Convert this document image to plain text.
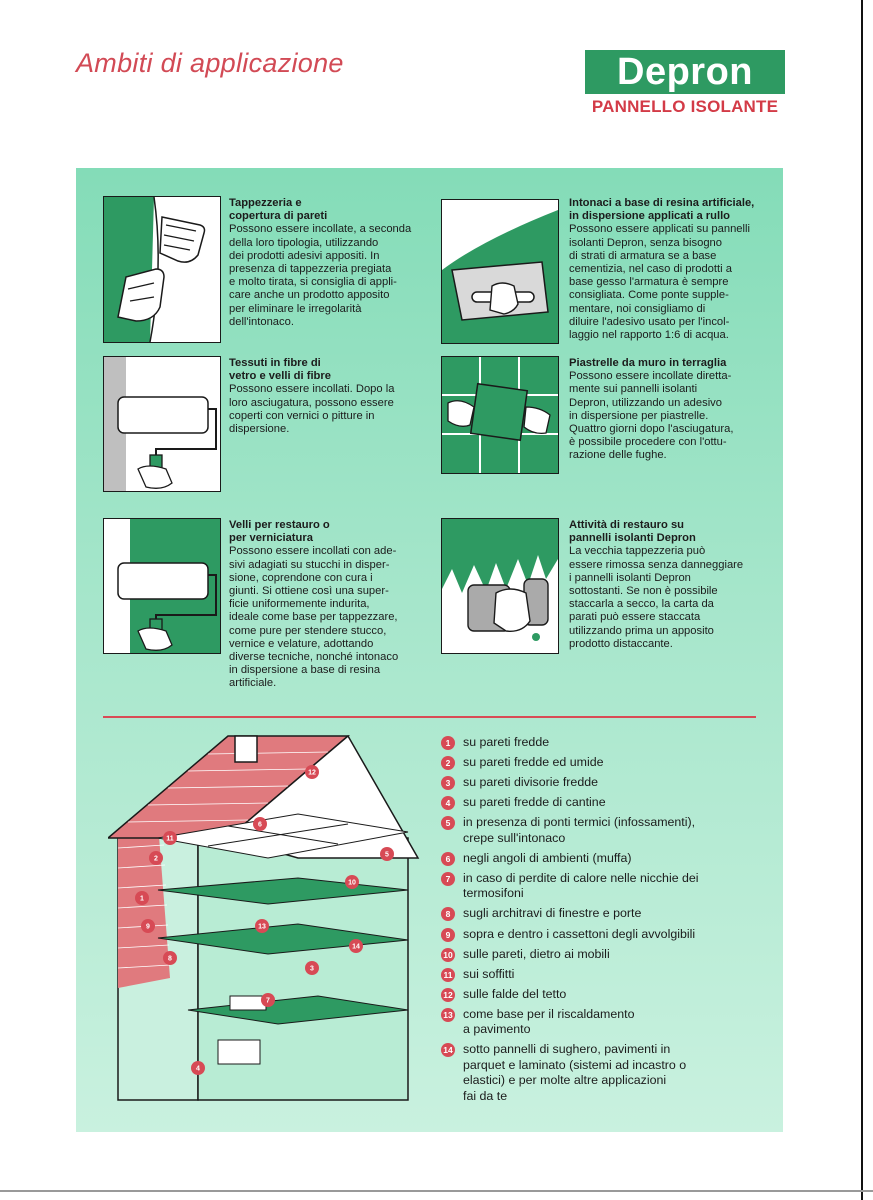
Ambiti di applicazione	Depron
PANNELLO ISOLANTE
Tappezzeria e
copertura di pareti
Possono essere incollate, a seconda
della loro tipologia, utilizzando
dei prodotti adesivi appositi. In
presenza di tappezzeria pregiata
e molto tirata, si consiglia di appli-
care anche un prodotto apposito
per eliminare le irregolarità
dell'intonaco.
Intonaci a base di resina artificiale,
in dispersione applicati a rullo
Possono essere applicati su pannelli
isolanti Depron, senza bisogno
di strati di armatura se a base
cementizia, nel caso di prodotti a
base gesso l'armatura è sempre
consigliata. Come ponte supple-
mentare, noi consigliamo di
diluire l'adesivo usato per l'incol-
laggio nel rapporto 1:6 di acqua.
Tessuti in fibre di
vetro e velli di fibre
Possono essere incollati. Dopo la
loro asciugatura, possono essere
coperti con vernici o pitture in
dispersione.
Piastrelle da muro in terraglia
Possono essere incollate diretta-
mente sui pannelli isolanti
Depron, utilizzando un adesivo
in dispersione per piastrelle.
Quattro giorni dopo l'asciugatura,
è possibile procedere con l'ottu-
razione delle fughe.
Velli per restauro o
per verniciatura
Possono essere incollati con ade-
sivi adagiati su stucchi in disper-
sione, coprendone con cura i
giunti. Si ottiene così una super-
ficie uniformemente indurita,
ideale come base per tappezzare,
come pure per stendere stucco,
vernice e velature, adottando
diverse tecniche, nonché intonaco
in dispersione a base di resina
artificiale.
Attività di restauro su
pannelli isolanti Depron
La vecchia tappezzeria può
essere rimossa senza danneggiare
i pannelli isolanti Depron
sottostanti. Se non è possibile
staccarla a secco, la carta da
parati può essere staccata
utilizzando prima un apposito
prodotto distaccante.
1
2
3
4
5
6
7
8
9
10
11
12
13
14
1	su pareti fredde
2	su pareti fredde ed umide
3	su pareti divisorie fredde
4	su pareti fredde di cantine
5	in presenza di ponti termici (infossamenti),
crepe sull'intonaco
6	negli angoli di ambienti (muffa)
7	in caso di perdite di calore nelle nicchie dei
termosifoni
8	sugli architravi di finestre e porte
9	sopra e dentro i cassettoni degli avvolgibili
10 sulle pareti, dietro ai mobili
11 sui soffitti
12 sulle falde del tetto
13 come base per il riscaldamento
a pavimento
14 sotto pannelli di sughero, pavimenti in
parquet e laminato (sistemi ad incastro o
elastici) e per molte altre applicazioni
fai da te
